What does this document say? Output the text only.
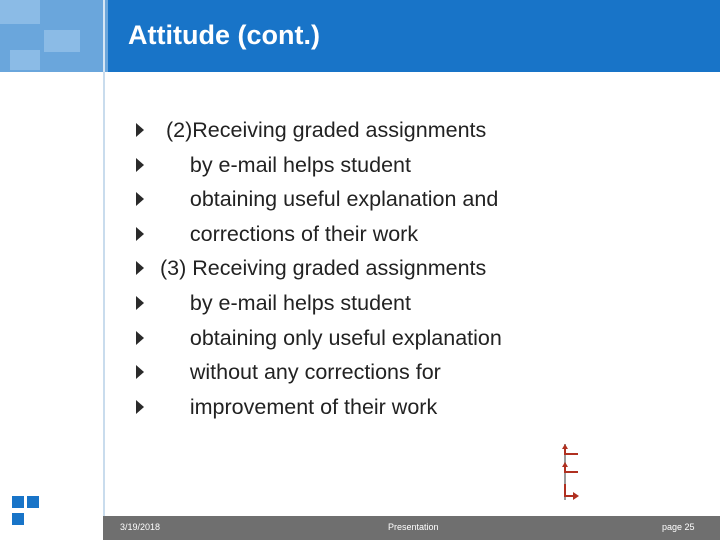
Attitude (cont.)
(2)Receiving graded assignments
by e-mail helps student
obtaining useful explanation and
corrections of their work
(3) Receiving graded assignments
by e-mail helps student
obtaining only useful explanation
without any corrections for
improvement of their work
3/19/2018	Presentation	page 25
